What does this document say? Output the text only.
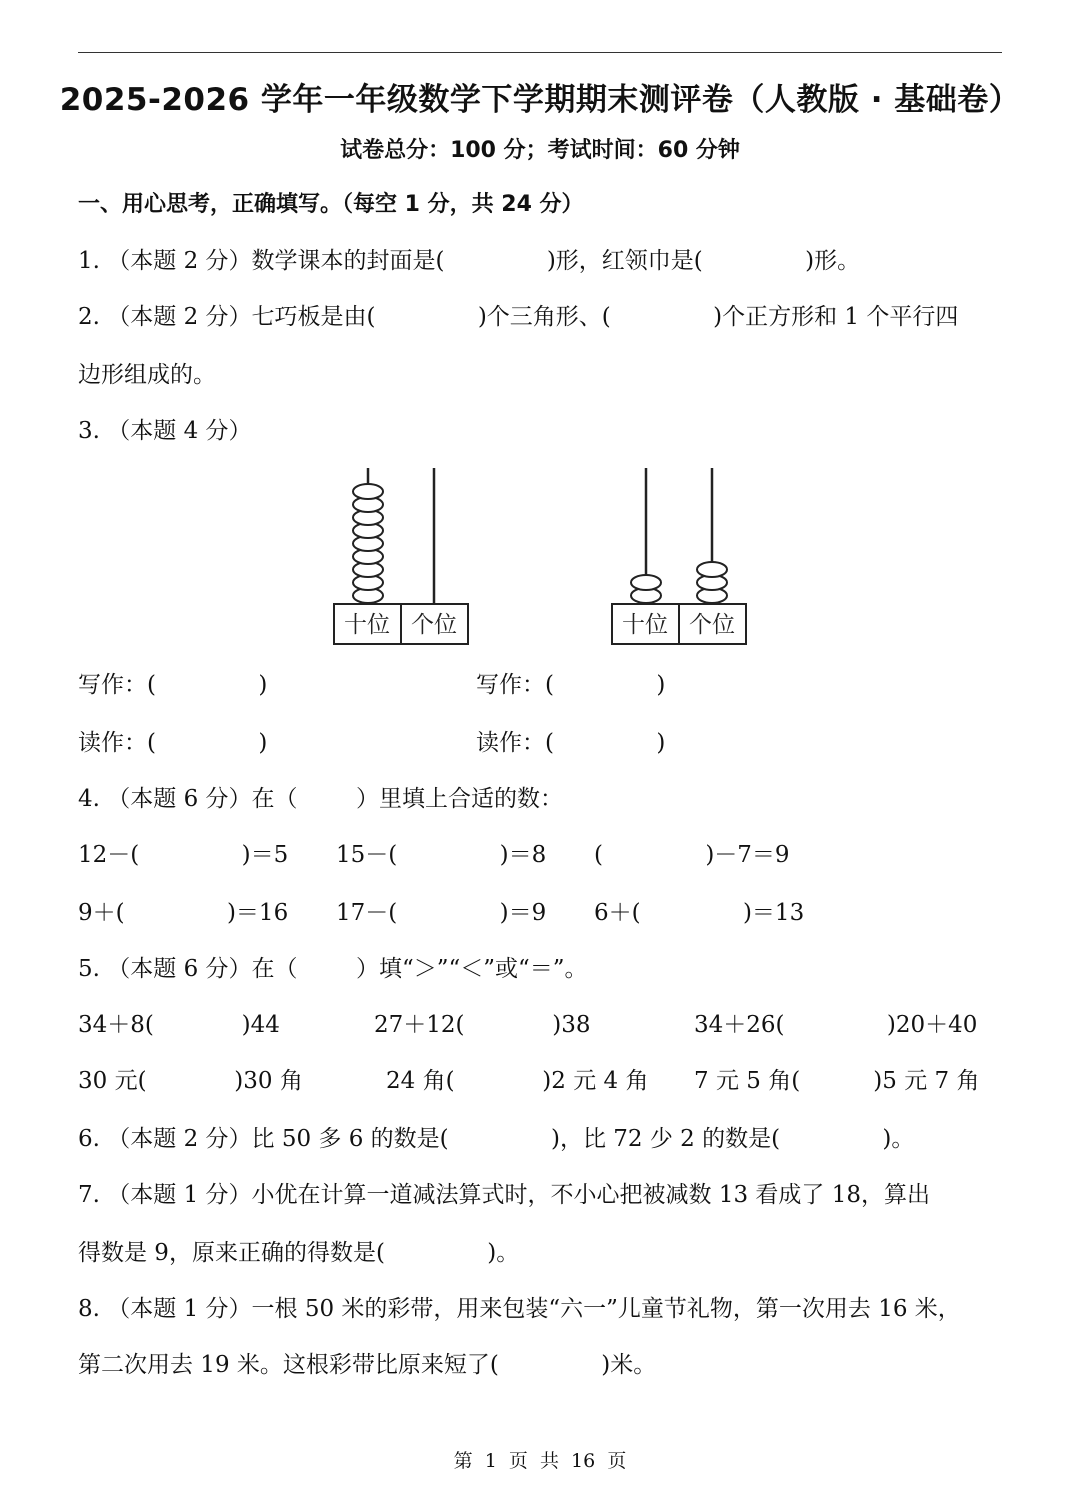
2025-2026 学年一年级数学下学期期末测评卷（人教版 · 基础卷）
试卷总分：100 分；考试时间：60 分钟
一、用心思考，正确填写。（每空 1 分，共 24 分）
1. （本题 2 分）数学课本的封面是(              )形，红领巾是(              )形。
2. （本题 2 分）七巧板是由(              )个三角形、(              )个正方形和 1 个平行四
边形组成的。
3. （本题 4 分）
十位 个位	十位 个位
写作：(              )	写作：(              )
读作：(              )	读作：(              )
4. （本题 6 分）在（        ）里填上合适的数：
12－(              )＝5 15－(              )＝8 (              )－7＝9
9＋(              )＝16 17－(              )＝9 6＋(              )＝13
5. （本题 6 分）在（        ）填“＞”“＜”或“＝”。
34＋8(            )44	27＋12(            )38	34＋26(              )20＋40
30 元(            )30 角	24 角(            )2 元 4 角 7 元 5 角(          )5 元 7 角
6. （本题 2 分）比 50 多 6 的数是(              )，比 72 少 2 的数是(              )。
7. （本题 1 分）小优在计算一道减法算式时，不小心把被减数 13 看成了 18，算出
得数是 9，原来正确的得数是(              )。
8. （本题 1 分）一根 50 米的彩带，用来包装“六一”儿童节礼物，第一次用去 16 米，
第二次用去 19 米。这根彩带比原来短了(              )米。
第  1  页  共  16  页
